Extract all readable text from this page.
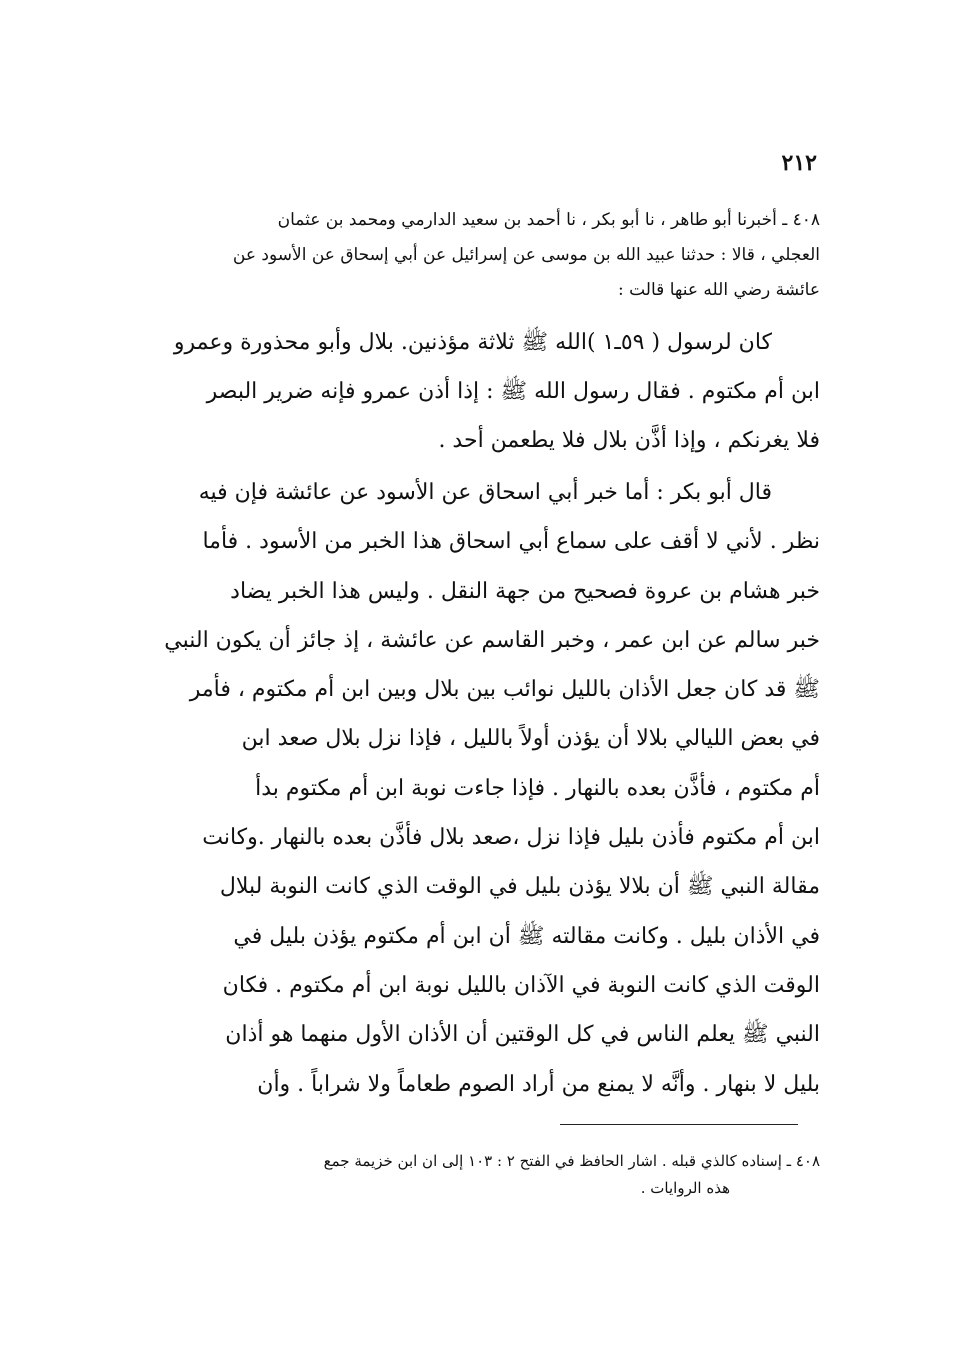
٢١٢
٤٠٨ ـ أخبرنا أبو طاهر ، نا أبو بكر ، نا أحمد بن سعيد الدارمي ومحمد بن عثمان
العجلي ، قالا : حدثنا عبيد الله بن موسى عن إسرائيل عن أبي إسحاق عن الأسود عن
عائشة رضي الله عنها قالت :
كان لرسول ( ٥٩ـ١ )الله ﷺ ثلاثة مؤذنين. بلال وأبو محذورة وعمرو
ابن أم مكتوم . فقال رسول الله ﷺ : إذا أذن عمرو فإنه ضرير البصر
فلا يغرنكم ، وإذا أذَّن بلال فلا يطعمن أحد .
قال أبو بكر : أما خبر أبي اسحاق عن الأسود عن عائشة فإن فيه
نظر . لأني لا أقف على سماع أبي اسحاق هذا الخبر من الأسود . فأما
خبر هشام بن عروة فصحيح من جهة النقل . وليس هذا الخبر يضاد
خبر سالم عن ابن عمر ، وخبر القاسم عن عائشة ، إذ جائز أن يكون النبي
ﷺ قد كان جعل الأذان بالليل نوائب بين بلال وبين ابن أم مكتوم ، فأمر
في بعض الليالي بلالا أن يؤذن أولاً بالليل ، فإذا نزل بلال صعد ابن
أم مكتوم ، فأذَّن بعده بالنهار . فإذا جاءت نوبة ابن أم مكتوم بدأ
ابن أم مكتوم فأذن بليل فإذا نزل ،صعد بلال فأذَّن بعده بالنهار .وكانت
مقالة النبي ﷺ أن بلالا يؤذن بليل في الوقت الذي كانت النوبة لبلال
في الأذان بليل . وكانت مقالته ﷺ أن ابن أم مكتوم يؤذن بليل في
الوقت الذي كانت النوبة في الآذان بالليل نوبة ابن أم مكتوم . فكان
النبي ﷺ يعلم الناس في كل الوقتين أن الأذان الأول منهما هو أذان
بليل لا بنهار . وأنَّه لا يمنع من أراد الصوم طعاماً ولا شراباً . وأن
٤٠٨ ـ إسناده كالذي قبله . اشار الحافظ في الفتح ٢ : ١٠٣ إلى ان ابن خزيمة جمع
هذه الروايات .
